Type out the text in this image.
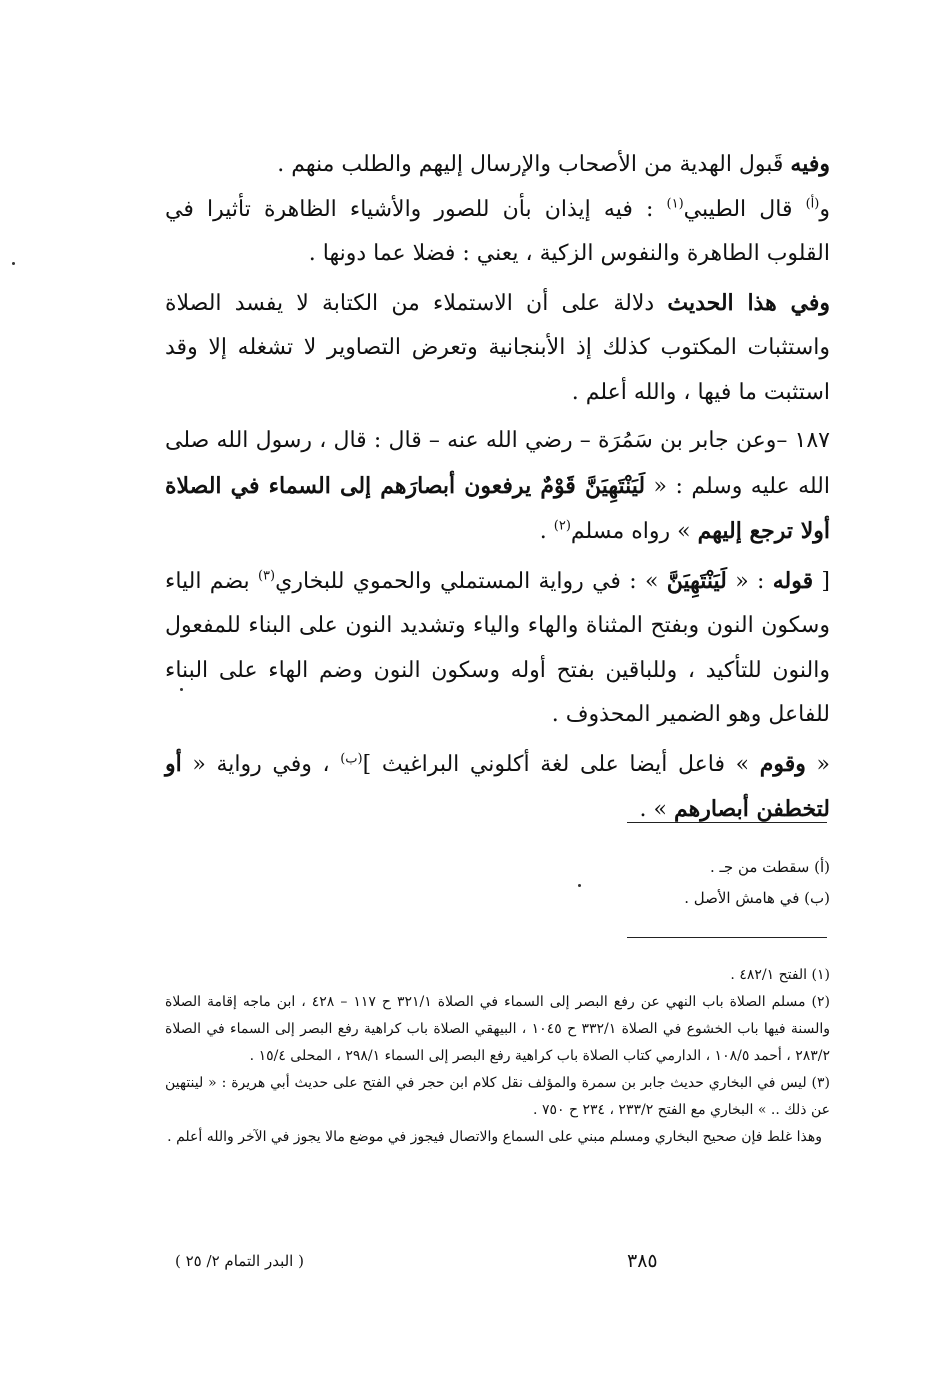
وفيه قَبول الهدية من الأصحاب والإرسال إليهم والطلب منهم .

و$^{(أ)}$ قال الطيبي$^{(١)}$ : فيه إيذان بأن للصور والأشياء الظاهرة تأثيرا في القلوب الطاهرة والنفوس الزكية ، يعني : فضلا عما دونها .

وفي هذا الحديث دلالة على أن الاستملاء من الكتابة لا يفسد الصلاة واستثبات المكتوب كذلك إذ الأبنجانية وتعرض التصاوير لا تشغله إلا وقد استثبت ما فيها ، والله أعلم .

١٨٧ –وعن جابر بن سَمُرَة – رضي الله عنه – قال : قال ، رسول الله صلى الله عليه وسلم : « لَيَنْتَهِيَنَّ قَوْمٌ يرفعون أبصارَهم إلى السماء في الصلاة أولا ترجع إليهم » رواه مسلم$^{(٢)}$ .

[ قوله : « لَيَنْتَهِيَنَّ » : في رواية المستملي والحموي للبخاري$^{(٣)}$ بضم الياء وسكون النون وبفتح المثناة والهاء والياء وتشديد النون على البناء للمفعول والنون للتأكيد ، وللباقين بفتح أوله وسكون النون وضم الهاء على البناء للفاعل وهو الضمير المحذوف .

« وقوم » فاعل أيضا على لغة أكلوني البراغيث ]$^{(ب)}$ ، وفي رواية « أو لتخطفن أبصارهم » .

(أ) سقطت من جـ .

(ب) في هامش الأصل .

(١) الفتح ٤٨٢/١ .

(٢) مسلم الصلاة باب النهي عن رفع البصر إلى السماء في الصلاة ٣٢١/١ ح ١١٧ – ٤٢٨ ، ابن ماجه إقامة الصلاة والسنة فيها باب الخشوع في الصلاة ٣٣٢/١ ح ١٠٤٥ ، البيهقي الصلاة باب كراهية رفع البصر إلى السماء في الصلاة ٢٨٣/٢ ، أحمد ١٠٨/٥ ، الدارمي كتاب الصلاة باب كراهية رفع البصر إلى السماء ٢٩٨/١ ، المحلى ١٥/٤ .

(٣) ليس في البخاري حديث جابر بن سمرة والمؤلف نقل كلام ابن حجر في الفتح على حديث أبي هريرة : « لينتهين عن ذلك .. » البخاري مع الفتح ٢٣٣/٢ ، ٢٣٤ ح ٧٥٠ .

وهذا غلط فإن صحيح البخاري ومسلم مبني على السماع والاتصال فيجوز في موضع مالا يجوز في الآخر والله أعلم .

٣٨٥
( البدر التمام ٢/ ٢٥ )
